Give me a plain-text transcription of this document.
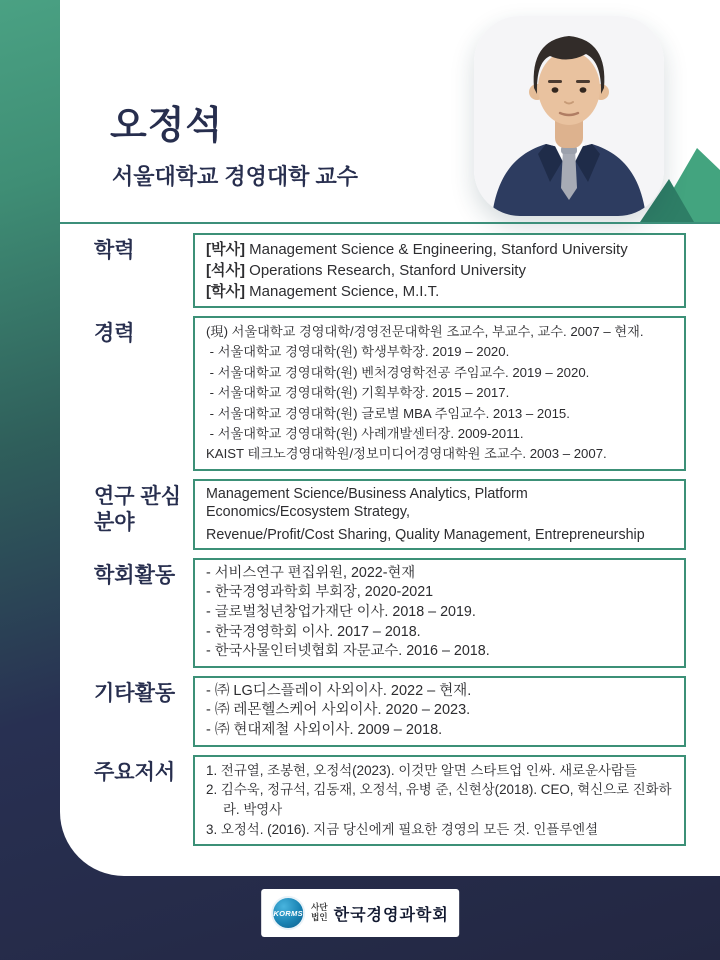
오정석
서울대학교 경영대학 교수
학력	[박사] Management Science & Engineering, Stanford University
[석사] Operations Research, Stanford University
[학사] Management Science, M.I.T.
경력	(現) 서울대학교 경영대학/경영전문대학원 조교수, 부교수, 교수. 2007 – 현재.
- 서울대학교 경영대학(원) 학생부학장. 2019 – 2020.
- 서울대학교 경영대학(원) 벤처경영학전공 주임교수. 2019 – 2020.
- 서울대학교 경영대학(원) 기획부학장. 2015 – 2017.
- 서울대학교 경영대학(원) 글로벌 MBA 주임교수. 2013 – 2015.
- 서울대학교 경영대학(원) 사례개발센터장. 2009-2011.
KAIST 테크노경영대학원/정보미디어경영대학원 조교수. 2003 – 2007.
연구 관심분야
Management Science/Business Analytics, Platform Economics/Ecosystem Strategy,
Revenue/Profit/Cost Sharing, Quality Management, Entrepreneurship
학회활동	- 서비스연구 편집위원, 2022-현재
- 한국경영과학회 부회장, 2020-2021
- 글로벌청년창업가재단 이사. 2018 – 2019.
- 한국경영학회 이사. 2017 – 2018.
- 한국사물인터넷협회 자문교수. 2016 – 2018.
기타활동	- ㈜ LG디스플레이 사외이사. 2022 – 현재.
- ㈜ 레몬헬스케어 사외이사. 2020 – 2023.
- ㈜ 현대제철 사외이사. 2009 – 2018.
주요저서	1. 전규열, 조봉현, 오정석(2023). 이것만 알면 스타트업 인싸. 새로운사람들
2. 김수욱, 정규석, 김동재, 오정석, 유병 준, 신현상(2018). CEO, 혁신으로 진화하라. 박영사
3. 오정석. (2016). 지금 당신에게 필요한 경영의 모든 것. 인플루엔셜
KORMS
사단
법인 한국경영과학회
